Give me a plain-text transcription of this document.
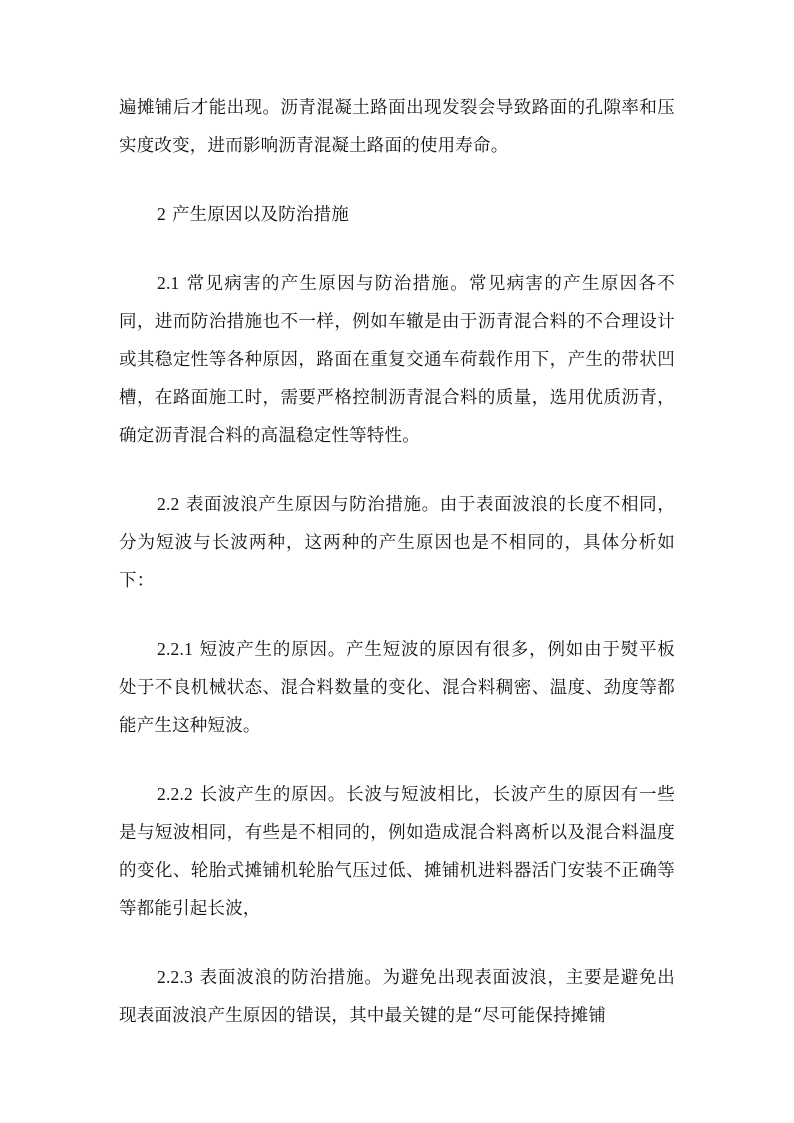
遍摊铺后才能出现。沥青混凝土路面出现发裂会导致路面的孔隙率和压实度改变，进而影响沥青混凝土路面的使用寿命。

2 产生原因以及防治措施

2.1 常见病害的产生原因与防治措施。常见病害的产生原因各不同，进而防治措施也不一样，例如车辙是由于沥青混合料的不合理设计或其稳定性等各种原因，路面在重复交通车荷载作用下，产生的带状凹槽，在路面施工时，需要严格控制沥青混合料的质量，选用优质沥青，确定沥青混合料的高温稳定性等特性。

2.2 表面波浪产生原因与防治措施。由于表面波浪的长度不相同，分为短波与长波两种，这两种的产生原因也是不相同的，具体分析如下：

2.2.1 短波产生的原因。产生短波的原因有很多，例如由于熨平板处于不良机械状态、混合料数量的变化、混合料稠密、温度、劲度等都能产生这种短波。

2.2.2 长波产生的原因。长波与短波相比，长波产生的原因有一些是与短波相同，有些是不相同的，例如造成混合料离析以及混合料温度的变化、轮胎式摊铺机轮胎气压过低、摊铺机进料器活门安装不正确等等都能引起长波，

2.2.3 表面波浪的防治措施。为避免出现表面波浪，主要是避免出现表面波浪产生原因的错误，其中最关键的是“尽可能保持摊铺
